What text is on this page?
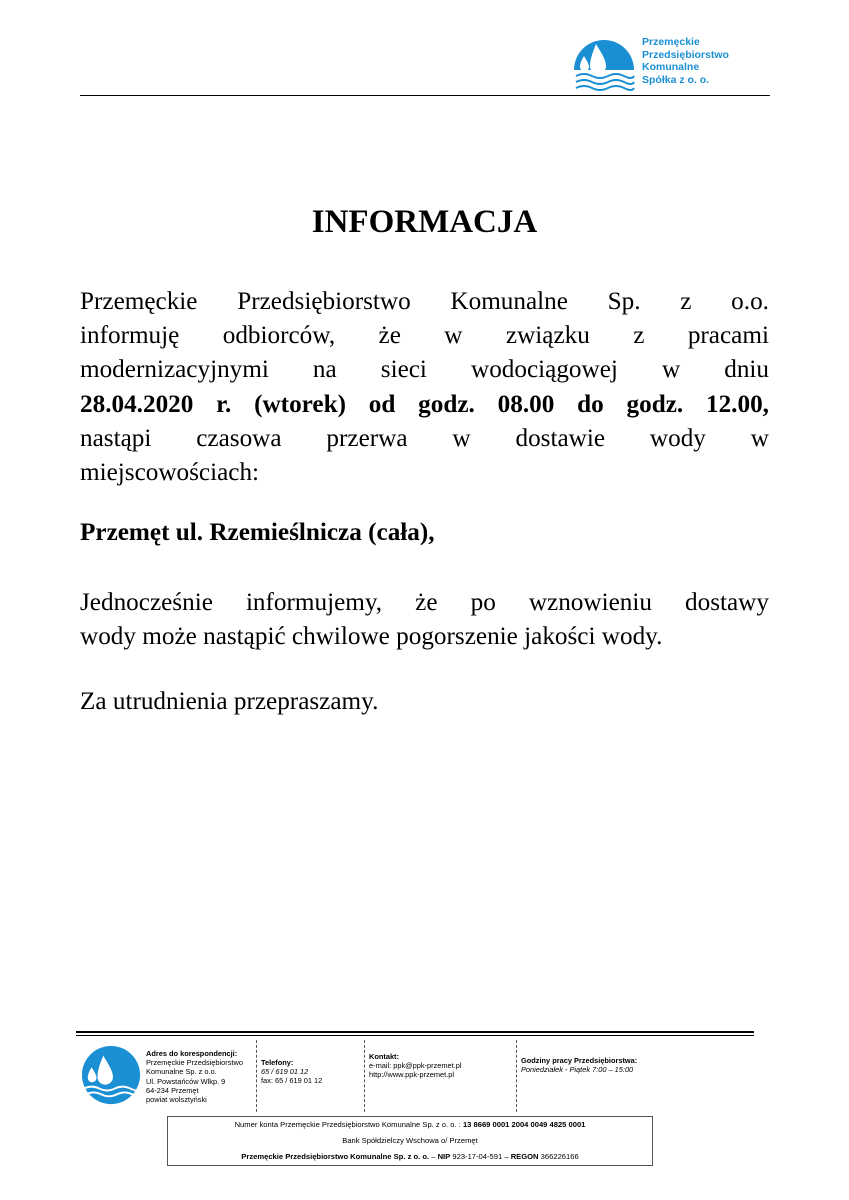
Przemęckie
Przedsiębiorstwo
Komunalne
Spółka z o. o.
INFORMACJA
Przemęckie Przedsiębiorstwo Komunalne Sp. z o.o.
informuję odbiorców, że w związku z pracami
modernizacyjnymi na sieci wodociągowej w dniu
28.04.2020 r. (wtorek) od godz. 08.00 do godz. 12.00,
nastąpi czasowa przerwa w dostawie wody w
miejscowościach:
Przemęt ul. Rzemieślnicza (cała),
Jednocześnie informujemy, że po wznowieniu dostawy
wody może nastąpić chwilowe pogorszenie jakości wody.
Za utrudnienia przepraszamy.
Adres do korespondencji:
Przemęckie Przedsiębiorstwo
Komunalne Sp. z o.o.
Ul. Powstańców Wlkp. 9
64-234 Przemęt
powiat wolsztyński
Telefony:
65 / 619 01 12
fax: 65 / 619 01 12
Kontakt:
e-mail: ppk@ppk-przemet.pl
http://www.ppk-przemet.pl
Godziny pracy Przedsiębiorstwa:
Poniedziałek - Piątek 7:00 – 15:00
Numer konta Przemęckie Przedsiębiorstwo Komunalne Sp. z o. o. : 13 8669 0001 2004 0049 4825 0001
Bank Spółdzielczy Wschowa o/ Przemęt
Przemęckie Przedsiębiorstwo Komunalne Sp. z o. o. – NIP 923-17-04-591 – REGON 366226166
